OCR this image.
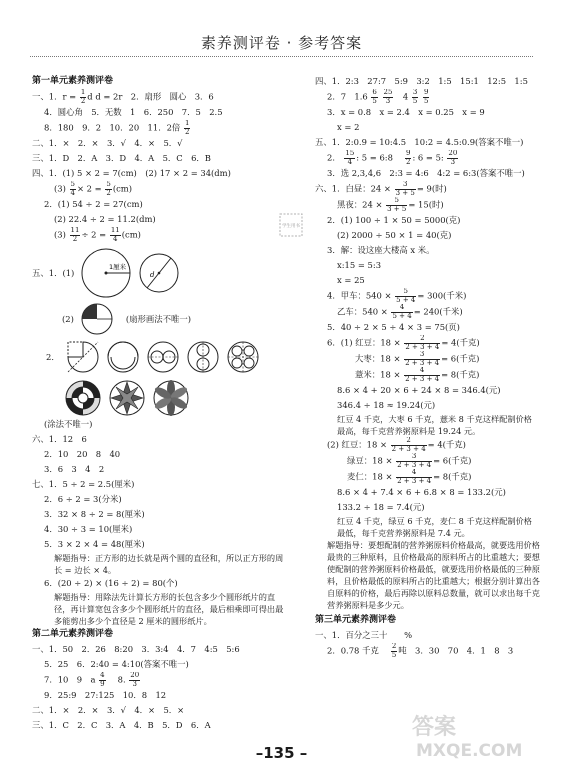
素养测评卷 · 参考答案
第一单元素养测评卷
一、1．$r = \frac{1}{2}$ d d = 2r　2．扇形　圆心　3．6
4．圆心角　5．无数　1　6．250　7．5　2.5
8．180　9．2　10．20　11．2倍 $\frac{1}{2}$
二、1．×　2．×　3．√　4．×　5．√
三、1．D　2．A　3．D　4．A　5．C　6．B
四、1．(1) 5 × 2 = 7(cm)　(2) 17 × 2 = 34(dm)
$(3) \frac{5}{4} \times 2 = \frac{5}{2} (cm)$
2．(1) 54 ÷ 2 = 27(cm)
(2) 22.4 ÷ 2 = 11.2(dm)
$(3) \frac{11}{2} \div 2 = \frac{11}{4} (cm)$
五、1．(1)
1厘米
d
(2)	(扇形画法不唯一)
2．
(涂法不唯一)
六、1．12　6
2．10　20　8　40
3．6　3　4　2
七、1．5 ÷ 2 = 2.5(厘米)
2．6 ÷ 2 = 3(分米)
3．32 × 8 ÷ 2 = 8(厘米)
4．30 ÷ 3 = 10(厘米)
5．3 × 2 × 4 = 48(厘米)
解题指导：正方形的边长就是两个圆的直径和，所以正方形的周长 = 边长 × 4。
6．(20 ÷ 2) × (16 ÷ 2) = 80(个)
解题指导：用除法先计算长方形的长包含多少个圆形纸片的直径，再计算宽包含多少个圆形纸片的直径，最后相乘即可得出最多能剪出多少个直径是 2 厘米的圆形纸片。
第二单元素养测评卷
一、1．50　2．26　8:20　3．3:4　4．7　4:5　5:6
5．25　6．2:40 = 4:10(答案不唯一)
7．10　9　a $\frac{4}{9}$ 　8. $\frac{20}{3}$
9．25:9　27:125　10．8　12
二、1．×　2．×　3．√　4．×　5．×
三、1．C　2．C　3．A　4．B　5．D　6．A
四、1．2:3　27:7　5:9　3:2　1:5　15:1　12:5　1:5
2．7　$1.6 \frac{6}{5}$
$\frac{25}{3}$ 　$4 \frac{3}{5}$
$\frac{9}{5}$
3．x = 0.8　x = 2.4　x = 0.25　x = 9
x = 2
五、1．2:0.9 = 10:4.5　10:2 = 4.5:0.9(答案不唯一)
2． $\frac{15}{4}$ : 5 = 6:8　 $\frac{9}{2}$ : 6 = 5: $\frac{20}{3}$
3．选 2,3,4,6　2:3 = 4:6　4:2 = 6:3(答案不唯一)
六、1．白昼：$24 \times \frac{3}{3 + 5} = 9$(时)
黑夜：$24 \times \frac{5}{3 + 5} = 15$(时)
2．(1) 100 ÷ 1 × 50 = 5000(克)
(2) 2000 ÷ 50 × 1 = 40(克)
3．解：设这座大楼高 x 米。
x:15 = 5:3
x = 25
4．甲车：$540 \times \frac{5}{5 + 4} = 300$(千米)
乙车：$540 \times \frac{4}{5 + 4} = 240$(千米)
5．40 ÷ 2 × 5 ÷ 4 × 3 = 75(页)
6．(1) 红豆：$18 \times \frac{2}{2 + 3 + 4} = 4$(千克)
大枣：$18 \times \frac{3}{2 + 3 + 4} = 6$(千克)
薏米：$18 \times \frac{4}{2 + 3 + 4} = 8$(千克)
8.6 × 4 + 20 × 6 + 24 × 8 = 346.4(元)
346.4 ÷ 18 ≈ 19.24(元)
红豆 4 千克，大枣 6 千克，薏米 8 千克这样配制价格最高，每千克营养粥原料是 19.24 元。
(2) 红豆：$18 \times \frac{2}{2 + 3 + 4} = 4$(千克)
绿豆：$18 \times \frac{3}{2 + 3 + 4} = 6$(千克)
麦仁：$18 \times \frac{4}{2 + 3 + 4} = 8$(千克)
8.6 × 4 + 7.4 × 6 + 6.8 × 8 = 133.2(元)
133.2 ÷ 18 = 7.4(元)
红豆 4 千克，绿豆 6 千克，麦仁 8 千克这样配制价格最低，每千克营养粥原料是 7.4 元。
解题指导：要想配制的营养粥原料价格最高，就要选用价格最贵的三种原料，且价格最高的原料所占的比重越大；要想使配制的营养粥原料价格最低，就要选用价格最低的三种原料，且价格最低的原料所占的比重越大；根据分别计算出各自原料的价格，最后再除以原料总数量，就可以求出每千克营养粥原料是多少元。
第三单元素养测评卷
一、1．百分之三十　　%
2．0.78 千克　 $\frac{2}{5}$ 吨　3．30　70　4．1　8　3
学生用书
答案
MXQE.COM
–135 –
